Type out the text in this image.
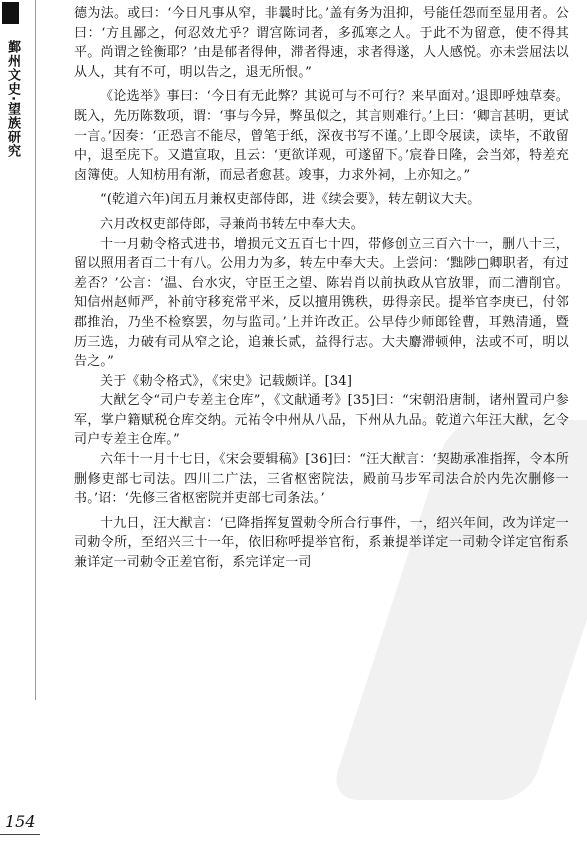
鄞州文史·望族研究

德为法。或曰：‘今日凡事从窄，非曩时比。’盖有务为沮抑，号能任怨而至显用者。公曰：‘方且鄙之，何忍效尤乎？谓宫陈词者，多孤寒之人。于此不为留意，使不得其平。尚谓之铨衡耶？’由是郁者得伸，滞者得速，求者得遂，人人感悦。亦未尝屈法以从人，其有不可，明以告之，退无所恨。”

《论选举》事曰：‘今日有无此弊？其说可与不可行？来早面对。’退即呼烛草奏。既入，先历陈数项，谓：‘事与今异，弊虽似之，其言则难行。’上曰：‘卿言甚明，更试一言。’因奏：‘正恐言不能尽，曾笔于纸，深夜书写不谨。’上即令展读，读毕，不敢留中，退至庑下。又遣宣取，且云：‘更欲详观，可遂留下。’宸眷日隆，会当郊，特差充卤簿使。人知枋用有渐，而忌者愈甚。竣事，力求外祠，上亦知之。”

“(乾道六年)闰五月兼权吏部侍郎，进《续会要》，转左朝议大夫。

六月改权吏部侍郎，寻兼尚书转左中奉大夫。

十一月勅令格式进书，增损元文五百七十四，带修创立三百六十一，删八十三，留以照用者百二十有八。公用力为多，转左中奉大夫。上尝问：‘黜陟□卿职者，有过差否？’公言：‘温、台水灾，守臣王之望、陈岩肖以前执政从官放罪，而二漕削官。知信州赵师严，补前守移兖常平米，反以擅用镌秩，毋得亲民。提举官李庚已，付邻郡推治，乃坐不检察罢，勿与监司。’上并许改正。公早侍少师郎铨曹，耳熟清通，暨历三选，力破有司从窄之论，追兼长贰，益得行志。大夫麝滞顿伸，法或不可，明以告之。”

关于《勅令格式》，《宋史》记载颇详。[34]

大猷乞令“司户专差主仓库”，《文献通考》[35]曰：“宋朝沿唐制，诸州置司户参军，掌户籍赋税仓库交纳。元祐令中州从八品，下州从九品。乾道六年汪大猷，乞令司户专差主仓库。”

六年十一月十七日，《宋会要辑稿》[36]曰：“汪大猷言：‘契勘承准指挥，令本所删修吏部七司法。四川二广法，三省枢密院法，殿前马步军司法合於内先次删修一书。’诏：‘先修三省枢密院并吏部七司条法。’

十九日，汪大猷言：‘已降指挥复置勅令所合行事件，一，绍兴年间，改为详定一司勅令所，至绍兴三十一年，依旧称呼提举官衔，系兼提举详定一司勅令详定官衔系兼详定一司勅令正差官衔，系完详定一司

154
